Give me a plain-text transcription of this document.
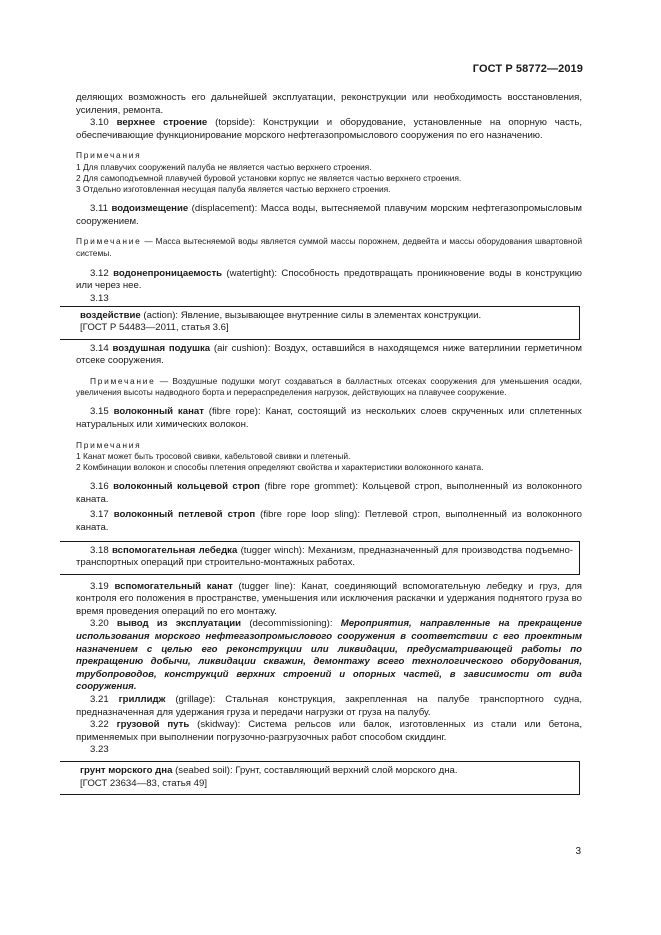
ГОСТ Р 58772—2019

деляющих возможность его дальнейшей эксплуатации, реконструкции или необходимость восстановления, усиления, ремонта.

3.10 верхнее строение (topside): Конструкции и оборудование, установленные на опорную часть, обеспечивающие функционирование морского нефтегазопромыслового сооружения по его назначению.

Примечания
1 Для плавучих сооружений палуба не является частью верхнего строения.
2 Для самоподъемной плавучей буровой установки корпус не является частью верхнего строения.
3 Отдельно изготовленная несущая палуба является частью верхнего строения.

3.11 водоизмещение (displacement): Масса воды, вытесняемой плавучим морским нефтегазопромысловым сооружением.

Примечание — Масса вытесняемой воды является суммой массы порожнем, дедвейта и массы оборудования швартовной системы.

3.12 водонепроницаемость (watertight): Способность предотвращать проникновение воды в конструкцию или через нее.

3.13

воздействие (action): Явление, вызывающее внутренние силы в элементах конструкции.
[ГОСТ Р 54483—2011, статья 3.6]

3.14 воздушная подушка (air cushion): Воздух, оставшийся в находящемся ниже ватерлинии герметичном отсеке сооружения.

Примечание — Воздушные подушки могут создаваться в балластных отсеках сооружения для уменьшения осадки, увеличения высоты надводного борта и перераспределения нагрузок, действующих на плавучее сооружение.

3.15 волоконный канат (fibre rope): Канат, состоящий из нескольких слоев скрученных или сплетенных натуральных или химических волокон.

Примечания
1 Канат может быть тросовой свивки, кабельтовой свивки и плетеный.
2 Комбинации волокон и способы плетения определяют свойства и характеристики волоконного каната.

3.16 волоконный кольцевой строп (fibre rope grommet): Кольцевой строп, выполненный из волоконного каната.

3.17 волоконный петлевой строп (fibre rope loop sling): Петлевой строп, выполненный из волоконного каната.

3.18 вспомогательная лебедка (tugger winch): Механизм, предназначенный для производства подъемно-транспортных операций при строительно-монтажных работах.

3.19 вспомогательный канат (tugger line): Канат, соединяющий вспомогательную лебедку и груз, для контроля его положения в пространстве, уменьшения или исключения раскачки и удержания поднятого груза во время проведения операций по его монтажу.

3.20 вывод из эксплуатации (decommissioning): Мероприятия, направленные на прекращение использования морского нефтегазопромыслового сооружения в соответствии с его проектным назначением с целью его реконструкции или ликвидации, предусматривающей работы по прекращению добычи, ликвидации скважин, демонтажу всего технологического оборудования, трубопроводов, конструкций верхних строений и опорных частей, в зависимости от вида сооружения.

3.21 гриллидж (grillage): Стальная конструкция, закрепленная на палубе транспортного судна, предназначенная для удержания груза и передачи нагрузки от груза на палубу.

3.22 грузовой путь (skidway): Система рельсов или балок, изготовленных из стали или бетона, применяемых при выполнении погрузочно-разгрузочных работ способом скиддинг.

3.23

грунт морского дна (seabed soil): Грунт, составляющий верхний слой морского дна.
[ГОСТ 23634—83, статья 49]
3
